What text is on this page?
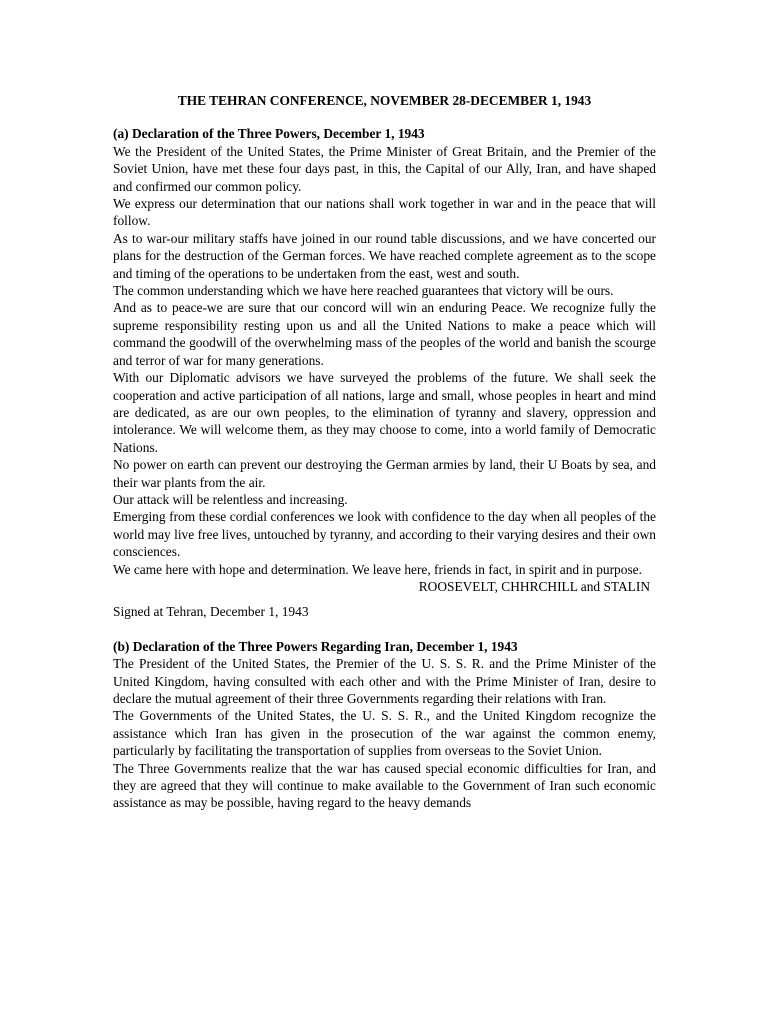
THE TEHRAN CONFERENCE, NOVEMBER 28-DECEMBER 1, 1943
(a) Declaration of the Three Powers, December 1, 1943

We the President of the United States, the Prime Minister of Great Britain, and the Premier of the Soviet Union, have met these four days past, in this, the Capital of our Ally, Iran, and have shaped and confirmed our common policy.

We express our determination that our nations shall work together in war and in the peace that will follow.

As to war-our military staffs have joined in our round table discussions, and we have concerted our plans for the destruction of the German forces. We have reached complete agreement as to the scope and timing of the operations to be undertaken from the east, west and south.

The common understanding which we have here reached guarantees that victory will be ours.

And as to peace-we are sure that our concord will win an enduring Peace. We recognize fully the supreme responsibility resting upon us and all the United Nations to make a peace which will command the goodwill of the overwhelming mass of the peoples of the world and banish the scourge and terror of war for many generations.

With our Diplomatic advisors we have surveyed the problems of the future. We shall seek the cooperation and active participation of all nations, large and small, whose peoples in heart and mind are dedicated, as are our own peoples, to the elimination of tyranny and slavery, oppression and intolerance. We will welcome them, as they may choose to come, into a world family of Democratic Nations.

No power on earth can prevent our destroying the German armies by land, their U Boats by sea, and their war plants from the air.

Our attack will be relentless and increasing.

Emerging from these cordial conferences we look with confidence to the day when all peoples of the world may live free lives, untouched by tyranny, and according to their varying desires and their own consciences.

We came here with hope and determination. We leave here, friends in fact, in spirit and in purpose.

ROOSEVELT, CHHRCHILL and STALIN

Signed at Tehran, December 1, 1943

(b) Declaration of the Three Powers Regarding Iran, December 1, 1943

The President of the United States, the Premier of the U. S. S. R. and the Prime Minister of the United Kingdom, having consulted with each other and with the Prime Minister of Iran, desire to declare the mutual agreement of their three Governments regarding their relations with Iran.

The Governments of the United States, the U. S. S. R., and the United Kingdom recognize the assistance which Iran has given in the prosecution of the war against the common enemy, particularly by facilitating the transportation of supplies from overseas to the Soviet Union.

The Three Governments realize that the war has caused special economic difficulties for Iran, and they are agreed that they will continue to make available to the Government of Iran such economic assistance as may be possible, having regard to the heavy demands
